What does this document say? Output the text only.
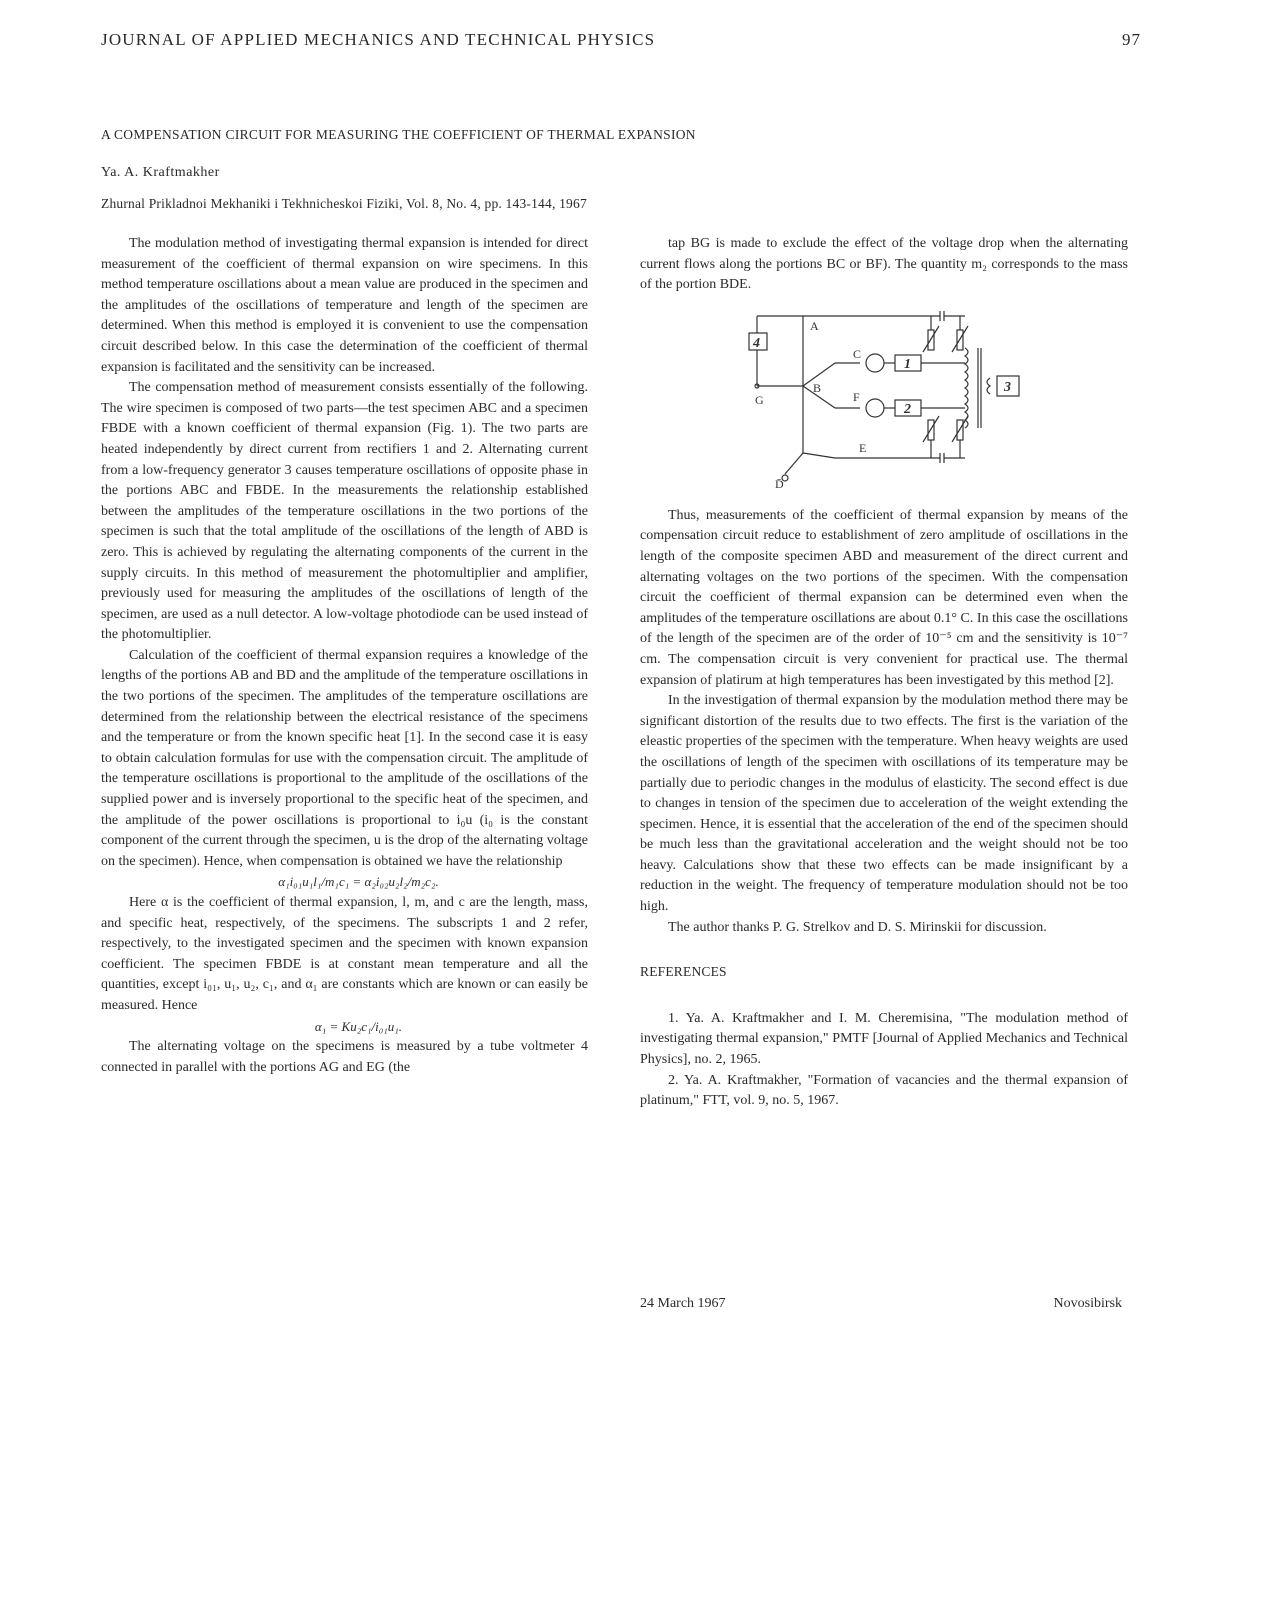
JOURNAL OF APPLIED MECHANICS AND TECHNICAL PHYSICS	97
A COMPENSATION CIRCUIT FOR MEASURING THE COEFFICIENT OF THERMAL EXPANSION
Ya. A. Kraftmakher
Zhurnal Prikladnoi Mekhaniki i Tekhnicheskoi Fiziki, Vol. 8, No. 4, pp. 143-144, 1967

The modulation method of investigating thermal expansion is intended for direct measurement of the coefficient of thermal expansion on wire specimens. In this method temperature oscillations about a mean value are produced in the specimen and the amplitudes of the oscillations of temperature and length of the specimen are determined. When this method is employed it is convenient to use the compensation circuit described below. In this case the determination of the coefficient of thermal expansion is facilitated and the sensitivity can be increased.

The compensation method of measurement consists essentially of the following. The wire specimen is composed of two parts—the test specimen ABC and a specimen FBDE with a known coefficient of thermal expansion (Fig. 1). The two parts are heated independently by direct current from rectifiers 1 and 2. Alternating current from a low-frequency generator 3 causes temperature oscillations of opposite phase in the portions ABC and FBDE. In the measurements the relationship established between the amplitudes of the temperature oscillations in the two portions of the specimen is such that the total amplitude of the oscillations of the length of ABD is zero. This is achieved by regulating the alternating components of the current in the supply circuits. In this method of measurement the photomultiplier and amplifier, previously used for measuring the amplitudes of the oscillations of length of the specimen, are used as a null detector. A low-voltage photodiode can be used instead of the photomultiplier.

Calculation of the coefficient of thermal expansion requires a knowledge of the lengths of the portions AB and BD and the amplitude of the temperature oscillations in the two portions of the specimen. The amplitudes of the temperature oscillations are determined from the relationship between the electrical resistance of the specimens and the temperature or from the known specific heat [1]. In the second case it is easy to obtain calculation formulas for use with the compensation circuit. The amplitude of the temperature oscillations is proportional to the amplitude of the oscillations of the supplied power and is inversely proportional to the specific heat of the specimen, and the amplitude of the power oscillations is proportional to i₀u (i₀ is the constant component of the current through the specimen, u is the drop of the alternating voltage on the specimen). Hence, when compensation is obtained we have the relationship

α₁i₀₁u₁l₁/m₁c₁ = α₂i₀₂u₂l₂/m₂c₂.

Here α is the coefficient of thermal expansion, l, m, and c are the length, mass, and specific heat, respectively, of the specimens. The subscripts 1 and 2 refer, respectively, to the investigated specimen and the specimen with known expansion coefficient. The specimen FBDE is at constant mean temperature and all the quantities, except i₀₁, u₁, u₂, c₁, and α₁ are constants which are known or can easily be measured. Hence

α₁ = Ku₂c₁/i₀₁u₁.

The alternating voltage on the specimens is measured by a tube voltmeter 4 connected in parallel with the portions AG and EG (the

tap BG is made to exclude the effect of the voltage drop when the alternating current flows along the portions BC or BF). The quantity m₂ corresponds to the mass of the portion BDE.

Thus, measurements of the coefficient of thermal expansion by means of the compensation circuit reduce to establishment of zero amplitude of oscillations in the length of the composite specimen ABD and measurement of the direct current and alternating voltages on the two portions of the specimen. With the compensation circuit the coefficient of thermal expansion can be determined even when the amplitudes of the temperature oscillations are about 0.1° C. In this case the oscillations of the length of the specimen are of the order of 10⁻⁵ cm and the sensitivity is 10⁻⁷ cm. The compensation circuit is very convenient for practical use. The thermal expansion of platirum at high temperatures has been investigated by this method [2].

In the investigation of thermal expansion by the modulation method there may be significant distortion of the results due to two effects. The first is the variation of the eleastic properties of the specimen with the temperature. When heavy weights are used the oscillations of length of the specimen with oscillations of its temperature may be partially due to periodic changes in the modulus of elasticity. The second effect is due to changes in tension of the specimen due to acceleration of the weight extending the specimen. Hence, it is essential that the acceleration of the end of the specimen should be much less than the gravitational acceleration and the weight should not be too heavy. Calculations show that these two effects can be made insignificant by a reduction in the weight. The frequency of temperature modulation should not be too high.

The author thanks P. G. Strelkov and D. S. Mirinskii for discussion.

REFERENCES

1. Ya. A. Kraftmakher and I. M. Cheremisina, "The modulation method of investigating thermal expansion," PMTF [Journal of Applied Mechanics and Technical Physics], no. 2, 1965.

2. Ya. A. Kraftmakher, "Formation of vacancies and the thermal expansion of platinum," FTT, vol. 9, no. 5, 1967.

4
G
A
B
C
1
F
2
3
E
D̄
24 March 1967	Novosibirsk
